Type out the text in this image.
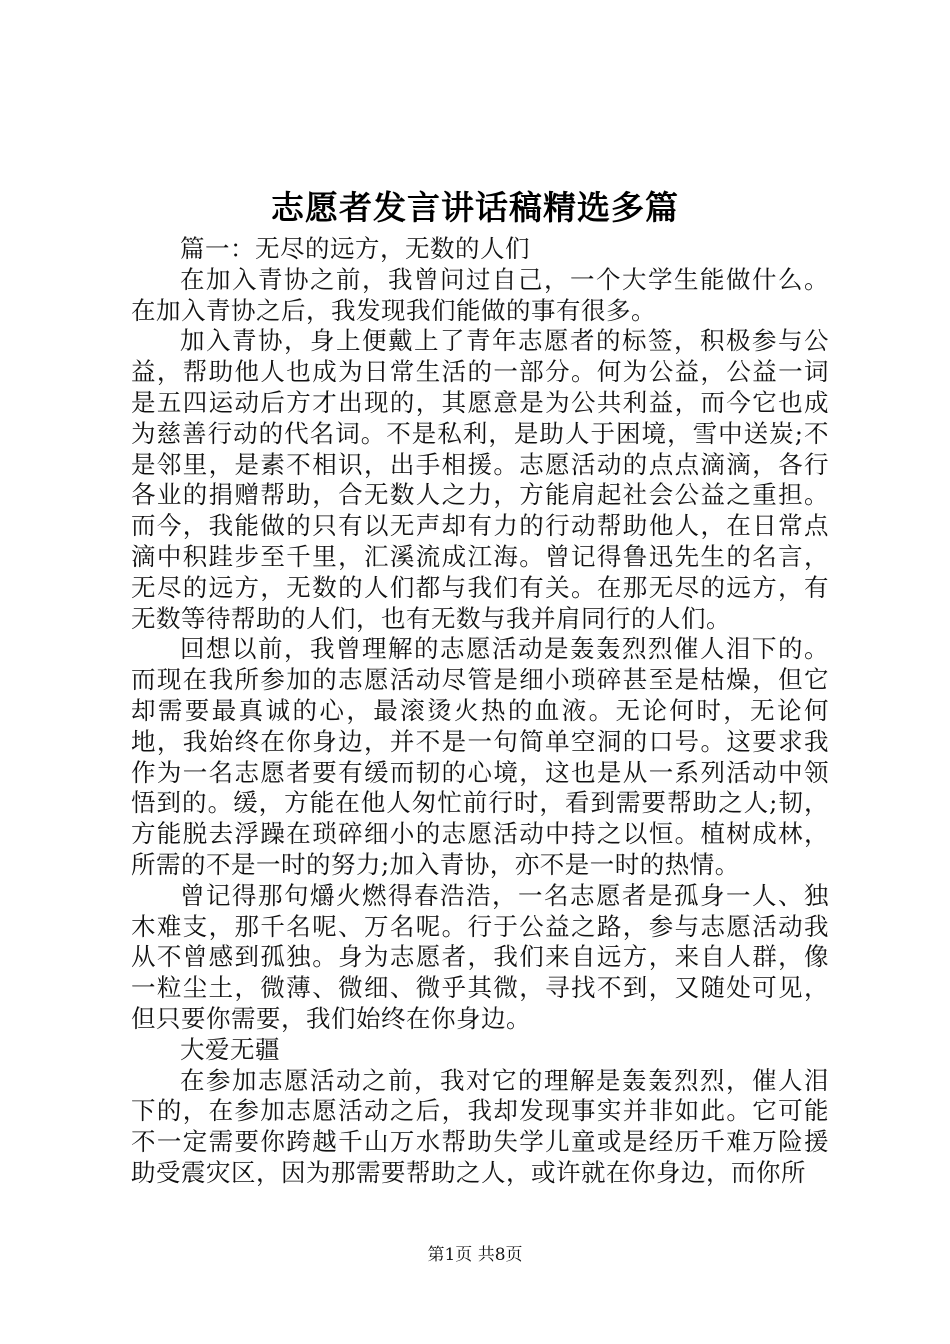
志愿者发言讲话稿精选多篇

篇一：无尽的远方，无数的人们

在加入青协之前，我曾问过自己，一个大学生能做什么。在加入青协之后，我发现我们能做的事有很多。

加入青协，身上便戴上了青年志愿者的标签，积极参与公益，帮助他人也成为日常生活的一部分。何为公益，公益一词是五四运动后方才出现的，其愿意是为公共利益，而今它也成为慈善行动的代名词。不是私利，是助人于困境，雪中送炭;不是邻里，是素不相识，出手相援。志愿活动的点点滴滴，各行各业的捐赠帮助，合无数人之力，方能肩起社会公益之重担。而今，我能做的只有以无声却有力的行动帮助他人，在日常点滴中积跬步至千里，汇溪流成江海。曾记得鲁迅先生的名言，无尽的远方，无数的人们都与我们有关。在那无尽的远方，有无数等待帮助的人们，也有无数与我并肩同行的人们。

回想以前，我曾理解的志愿活动是轰轰烈烈催人泪下的。而现在我所参加的志愿活动尽管是细小琐碎甚至是枯燥，但它却需要最真诚的心，最滚烫火热的血液。无论何时，无论何地，我始终在你身边，并不是一句简单空洞的口号。这要求我作为一名志愿者要有缓而韧的心境，这也是从一系列活动中领悟到的。缓，方能在他人匆忙前行时，看到需要帮助之人;韧，方能脱去浮躁在琐碎细小的志愿活动中持之以恒。植树成林，所需的不是一时的努力;加入青协，亦不是一时的热情。

曾记得那句爝火燃得春浩浩，一名志愿者是孤身一人、独木难支，那千名呢、万名呢。行于公益之路，参与志愿活动我从不曾感到孤独。身为志愿者，我们来自远方，来自人群，像一粒尘土，微薄、微细、微乎其微，寻找不到，又随处可见，但只要你需要，我们始终在你身边。

大爱无疆

在参加志愿活动之前，我对它的理解是轰轰烈烈，催人泪下的，在参加志愿活动之后，我却发现事实并非如此。它可能不一定需要你跨越千山万水帮助失学儿童或是经历千难万险援助受震灾区，因为那需要帮助之人，或许就在你身边，而你所

第1页 共8页
